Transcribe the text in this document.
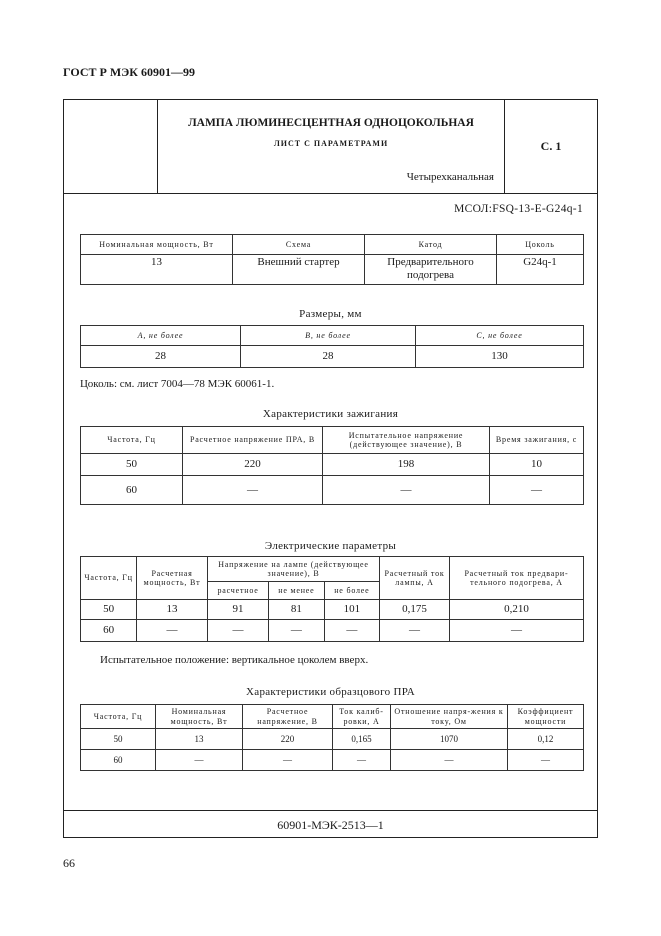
ГОСТ Р МЭК 60901—99
ЛАМПА ЛЮМИНЕСЦЕНТНАЯ ОДНОЦОКОЛЬНАЯ
ЛИСТ С ПАРАМЕТРАМИ
Четырехканальная
С. 1
МСОЛ:FSQ-13-E-G24q-1
Номинальная мощность, Вт	Схема	Катод	Цоколь
13	Внешний стартер	Предварительного подогрева	G24q-1
Размеры, мм
A, не более	B, не более	C, не более
28	28	130
Цоколь: см. лист 7004—78 МЭК 60061-1.
Характеристики зажигания
Частота, Гц	Расчетное напряжение ПРА, В	Испытательное напряжение (действующее значение), В	Время зажигания, с
50	220	198	10
60	—	—	—
Электрические параметры
Частота, Гц	Расчетная мощность, Вт	Напряжение на лампе (действующее значение), В			Расчетный ток лампы, А	Расчетный ток предвари-тельного подогрева, А
		расчетное	не менее	не более		
50	13	91	81	101	0,175	0,210
60	—	—	—	—	—	—
Испытательное положение: вертикальное цоколем вверх.
Характеристики образцового ПРА
Частота, Гц	Номинальная мощность, Вт	Расчетное напряжение, В	Ток калиб-ровки, А	Отношение напря-жения к току, Ом	Коэффициент мощности
50	13	220	0,165	1070	0,12
60	—	—	—	—	—
60901-МЭК-2513—1
66
